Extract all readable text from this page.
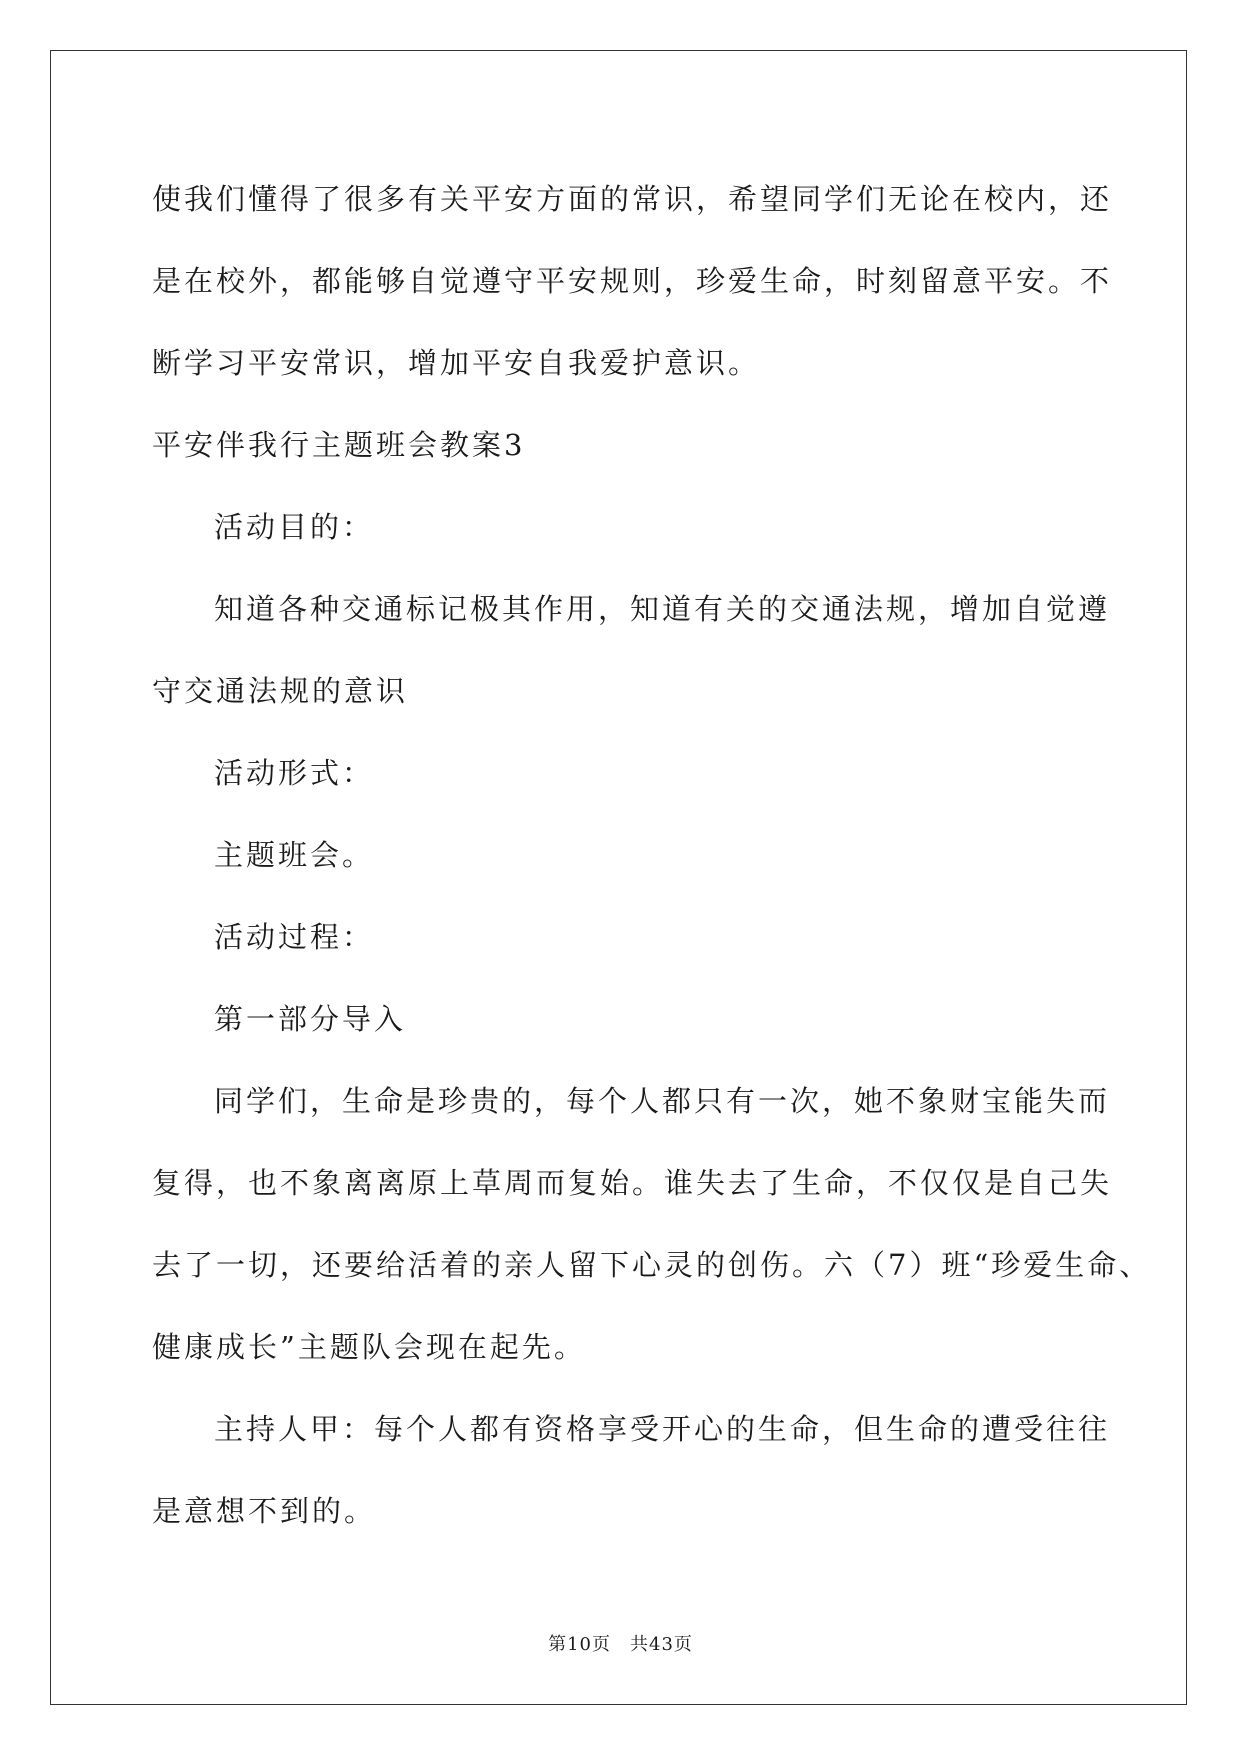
使我们懂得了很多有关平安方面的常识，希望同学们无论在校内，还
是在校外，都能够自觉遵守平安规则，珍爱生命，时刻留意平安。不
断学习平安常识，增加平安自我爱护意识。
平安伴我行主题班会教案3
活动目的：
知道各种交通标记极其作用，知道有关的交通法规，增加自觉遵
守交通法规的意识
活动形式：
主题班会。
活动过程：
第一部分导入
同学们，生命是珍贵的，每个人都只有一次，她不象财宝能失而
复得，也不象离离原上草周而复始。谁失去了生命，不仅仅是自己失
去了一切，还要给活着的亲人留下心灵的创伤。六（7）班“珍爱生命、
健康成长”主题队会现在起先。
主持人甲：每个人都有资格享受开心的生命，但生命的遭受往往
是意想不到的。
第10页　共43页
